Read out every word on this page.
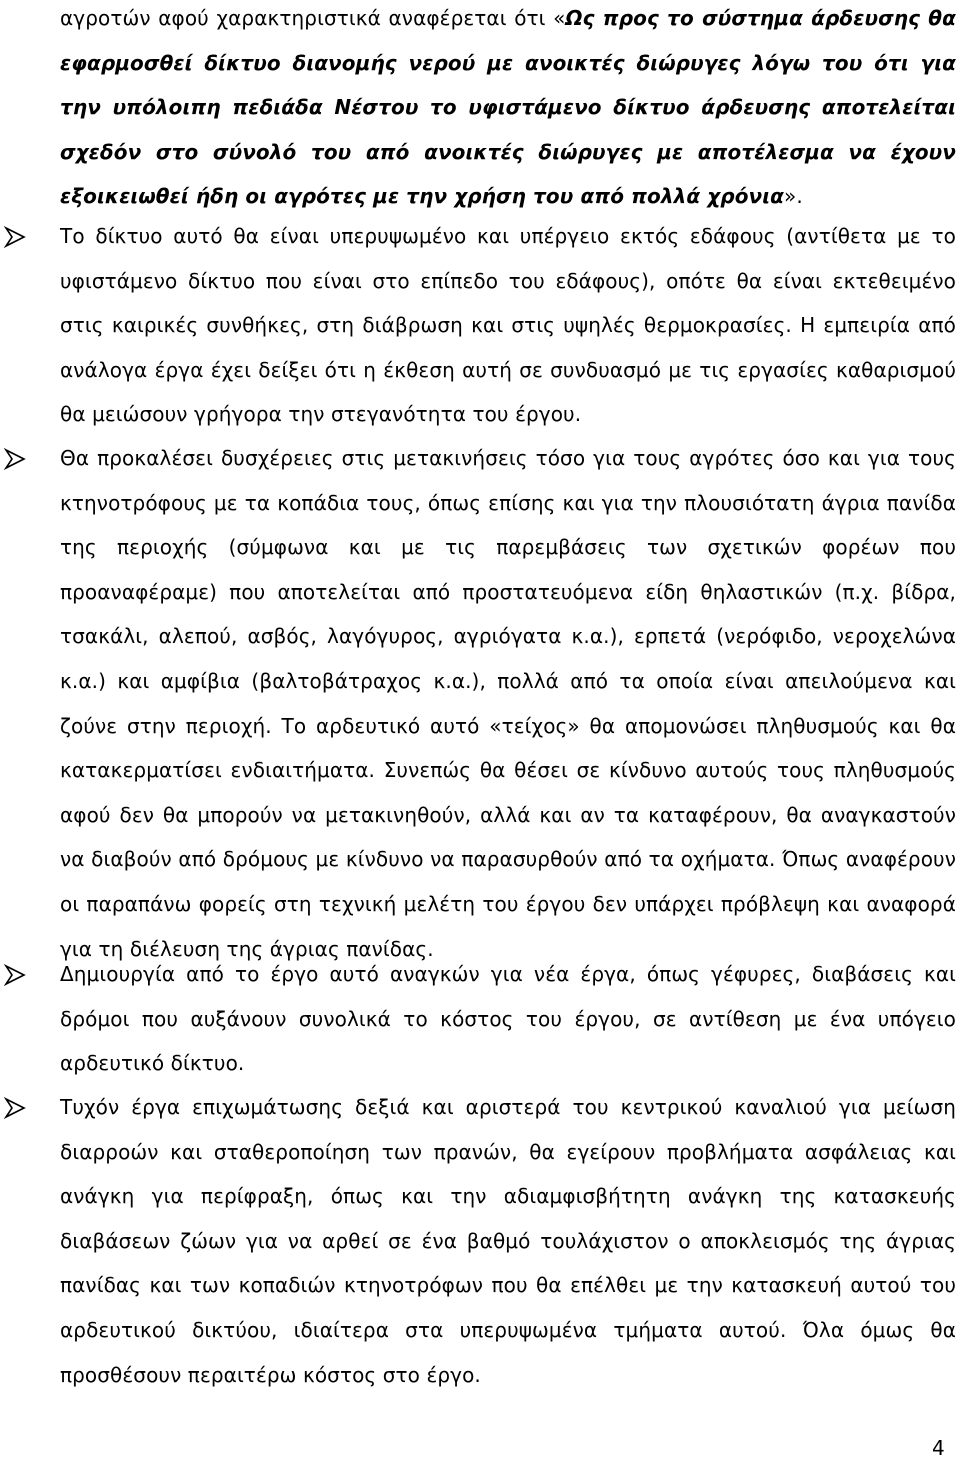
αγροτών αφού χαρακτηριστικά αναφέρεται ότι «Ως προς το σύστημα άρδευσης θα εφαρμοσθεί δίκτυο διανομής νερού με ανοικτές διώρυγες λόγω του ότι για την υπόλοιπη πεδιάδα Νέστου το υφιστάμενο δίκτυο άρδευσης αποτελείται σχεδόν στο σύνολό του από ανοικτές διώρυγες με αποτέλεσμα να έχουν εξοικειωθεί ήδη οι αγρότες με την χρήση του από πολλά χρόνια».

Το δίκτυο αυτό θα είναι υπερυψωμένο και υπέργειο εκτός εδάφους (αντίθετα με το υφιστάμενο δίκτυο που είναι στο επίπεδο του εδάφους), οπότε θα είναι εκτεθειμένο στις καιρικές συνθήκες, στη διάβρωση και στις υψηλές θερμοκρασίες. Η εμπειρία από ανάλογα έργα έχει δείξει ότι η έκθεση αυτή σε συνδυασμό με τις εργασίες καθαρισμού θα μειώσουν γρήγορα την στεγανότητα του έργου.

Θα προκαλέσει δυσχέρειες στις μετακινήσεις τόσο για τους αγρότες όσο και για τους κτηνοτρόφους με τα κοπάδια τους, όπως επίσης και για την πλουσιότατη άγρια πανίδα της περιοχής (σύμφωνα και με τις παρεμβάσεις των σχετικών φορέων που προαναφέραμε) που αποτελείται από προστατευόμενα είδη θηλαστικών (π.χ. βίδρα, τσακάλι, αλεπού, ασβός, λαγόγυρος, αγριόγατα κ.α.), ερπετά (νερόφιδο, νεροχελώνα κ.α.) και αμφίβια (βαλτοβάτραχος κ.α.), πολλά από τα οποία είναι απειλούμενα και ζούνε στην περιοχή. Το αρδευτικό αυτό «τείχος» θα απομονώσει πληθυσμούς και θα κατακερματίσει ενδιαιτήματα. Συνεπώς θα θέσει σε κίνδυνο αυτούς τους πληθυσμούς αφού δεν θα μπορούν να μετακινηθούν, αλλά και αν τα καταφέρουν, θα αναγκαστούν να διαβούν από δρόμους με κίνδυνο να παρασυρθούν από τα οχήματα. Όπως αναφέρουν οι παραπάνω φορείς στη τεχνική μελέτη του έργου δεν υπάρχει πρόβλεψη και αναφορά για τη διέλευση της άγριας πανίδας.

Δημιουργία από το έργο αυτό αναγκών για νέα έργα, όπως γέφυρες, διαβάσεις και δρόμοι που αυξάνουν συνολικά το κόστος του έργου, σε αντίθεση με ένα υπόγειο αρδευτικό δίκτυο.

Τυχόν έργα επιχωμάτωσης δεξιά και αριστερά του κεντρικού καναλιού για μείωση διαρροών και σταθεροποίηση των πρανών, θα εγείρουν προβλήματα ασφάλειας και ανάγκη για περίφραξη, όπως και την αδιαμφισβήτητη ανάγκη της κατασκευής διαβάσεων ζώων για να αρθεί σε ένα βαθμό τουλάχιστον ο αποκλεισμός της άγριας πανίδας και των κοπαδιών κτηνοτρόφων που θα επέλθει με την κατασκευή αυτού του αρδευτικού δικτύου, ιδιαίτερα στα υπερυψωμένα τμήματα αυτού. Όλα όμως θα προσθέσουν περαιτέρω κόστος στο έργο.

4
